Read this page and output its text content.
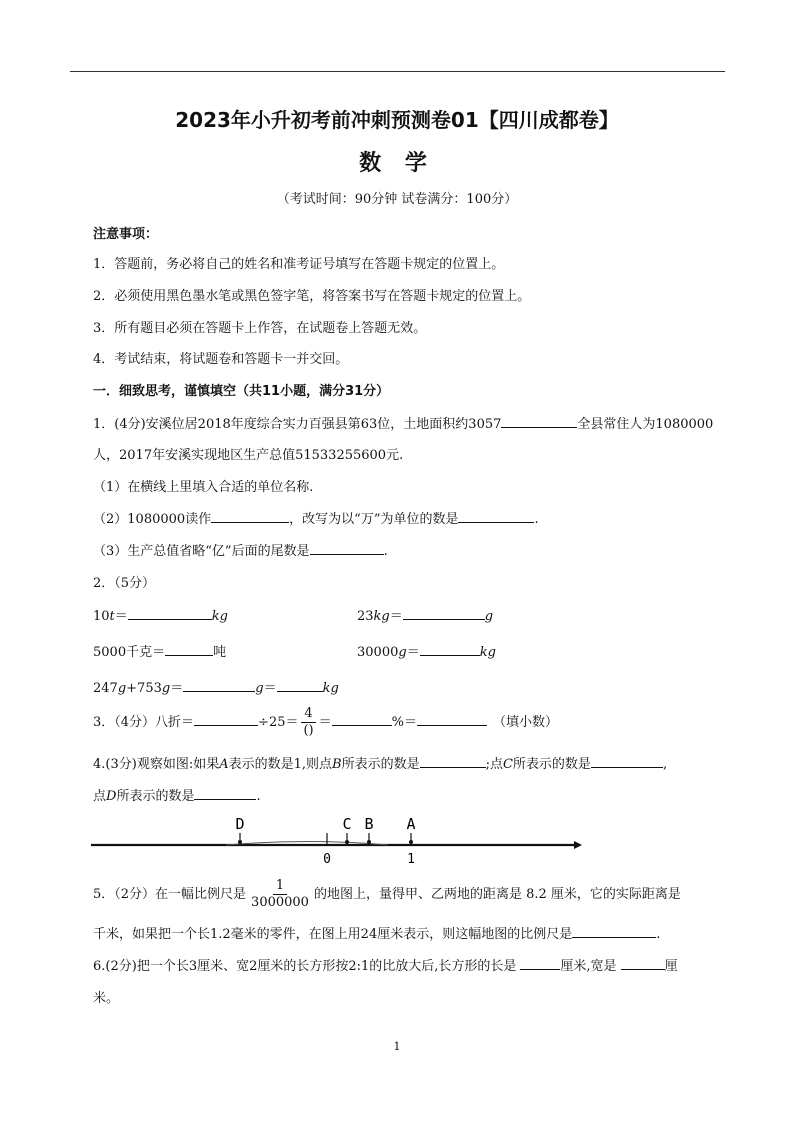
2023年小升初考前冲刺预测卷01【四川成都卷】
数 学
（考试时间：90分钟 试卷满分：100分）
注意事项：
1．答题前，务必将自己的姓名和准考证号填写在答题卡规定的位置上。
2．必须使用黑色墨水笔或黑色签字笔，将答案书写在答题卡规定的位置上。
3．所有题目必须在答题卡上作答，在试题卷上答题无效。
4．考试结束，将试题卷和答题卡一并交回。
一．细致思考，谨慎填空（共11小题，满分31分）
1．(4分)安溪位居2018年度综合实力百强县第63位，土地面积约3057	全县常住人为1080000
人，2017年安溪实现地区生产总值51533255600元.
（1）在横线上里填入合适的单位名称.
（2）1080000读作	，改写为以“万”为单位的数是	.
（3）生产总值省略“亿”后面的尾数是	.
2．（5分）
10t＝	kg	23kg＝	g
5000千克＝	吨	30000g＝	kg
247g+753g＝	g＝	kg
3．（4分）八折＝	$\div 25= \frac{4}{()}$ ＝	%＝	（填小数）
4.(3分)观察如图:如果A表示的数是1,则点B所表示的数是	;点C所表示的数是	,
点D所表示的数是	.
D	C B A
0	1
5．（2分）在一幅比例尺是 $\frac{1}{3000000}$ 的地图上，量得甲、乙两地的距离是 8.2 厘米，它的实际距离是
千米，如果把一个长1.2毫米的零件，在图上用24厘米表示，则这幅地图的比例尺是	.
6.(2分)把一个长3厘米、宽2厘米的长方形按2:1的比放大后,长方形的长是	厘米,宽是	厘
米。
1
